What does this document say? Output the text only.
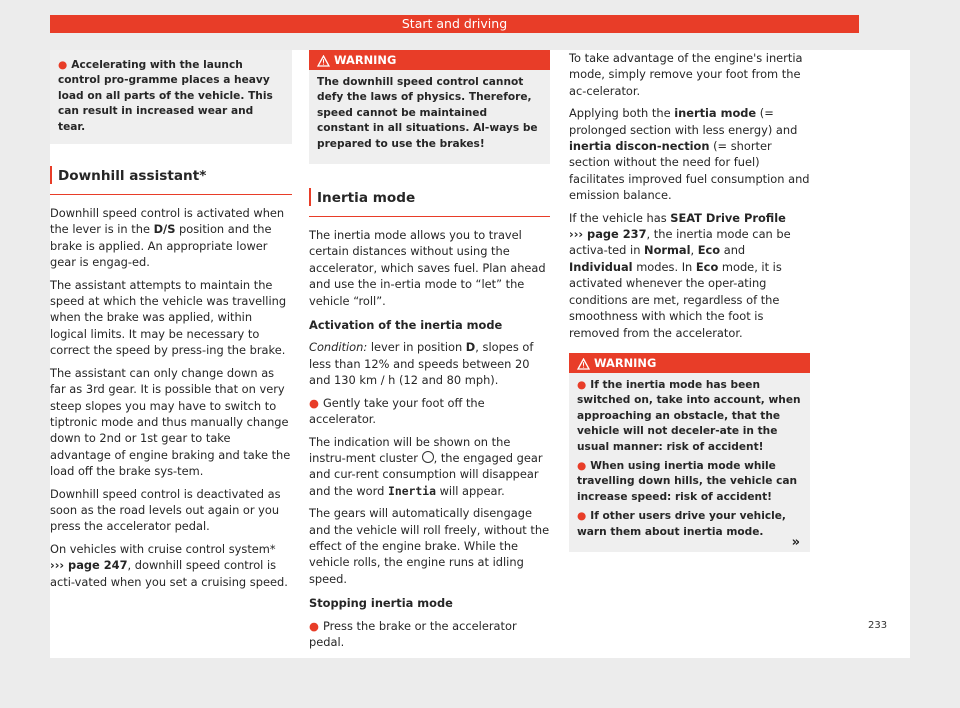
Start and driving

● Accelerating with the launch control pro-gramme places a heavy load on all parts of the vehicle. This can result in increased wear and tear.

Downhill assistant*

Downhill speed control is activated when the lever is in the D/S position and the brake is applied. An appropriate lower gear is engag-ed.

The assistant attempts to maintain the speed at which the vehicle was travelling when the brake was applied, within logical limits. It may be necessary to correct the speed by press-ing the brake.

The assistant can only change down as far as 3rd gear. It is possible that on very steep slopes you may have to switch to tiptronic mode and thus manually change down to 2nd or 1st gear to take advantage of engine braking and take the load off the brake sys-tem.

Downhill speed control is deactivated as soon as the road levels out again or you press the accelerator pedal.

On vehicles with cruise control system* ››› page 247, downhill speed control is acti-vated when you set a cruising speed.

WARNING

The downhill speed control cannot defy the laws of physics. Therefore, speed cannot be maintained constant in all situations. Al-ways be prepared to use the brakes!

Inertia mode

The inertia mode allows you to travel certain distances without using the accelerator, which saves fuel. Plan ahead and use the in-ertia mode to “let” the vehicle “roll”.

Activation of the inertia mode

Condition: lever in position D, slopes of less than 12% and speeds between 20 and 130 km / h (12 and 80 mph).

● Gently take your foot off the accelerator.

The indication will be shown on the instru-ment cluster , the engaged gear and cur-rent consumption will disappear and the word Inertia will appear.

The gears will automatically disengage and the vehicle will roll freely, without the effect of the engine brake. While the vehicle rolls, the engine runs at idling speed.

Stopping inertia mode

● Press the brake or the accelerator pedal.

To take advantage of the engine's inertia mode, simply remove your foot from the ac-celerator.

Applying both the inertia mode (= prolonged section with less energy) and inertia discon-nection (= shorter section without the need for fuel) facilitates improved fuel consumption and emission balance.

If the vehicle has SEAT Drive Profile
››› page 237, the inertia mode can be activa-ted in Normal, Eco and Individual modes. In Eco mode, it is activated whenever the oper-ating conditions are met, regardless of the smoothness with which the foot is removed from the accelerator.

WARNING

● If the inertia mode has been switched on, take into account, when approaching an obstacle, that the vehicle will not deceler-ate in the usual manner: risk of accident!

● When using inertia mode while travelling down hills, the vehicle can increase speed: risk of accident!

● If other users drive your vehicle, warn them about inertia mode.

»
233
